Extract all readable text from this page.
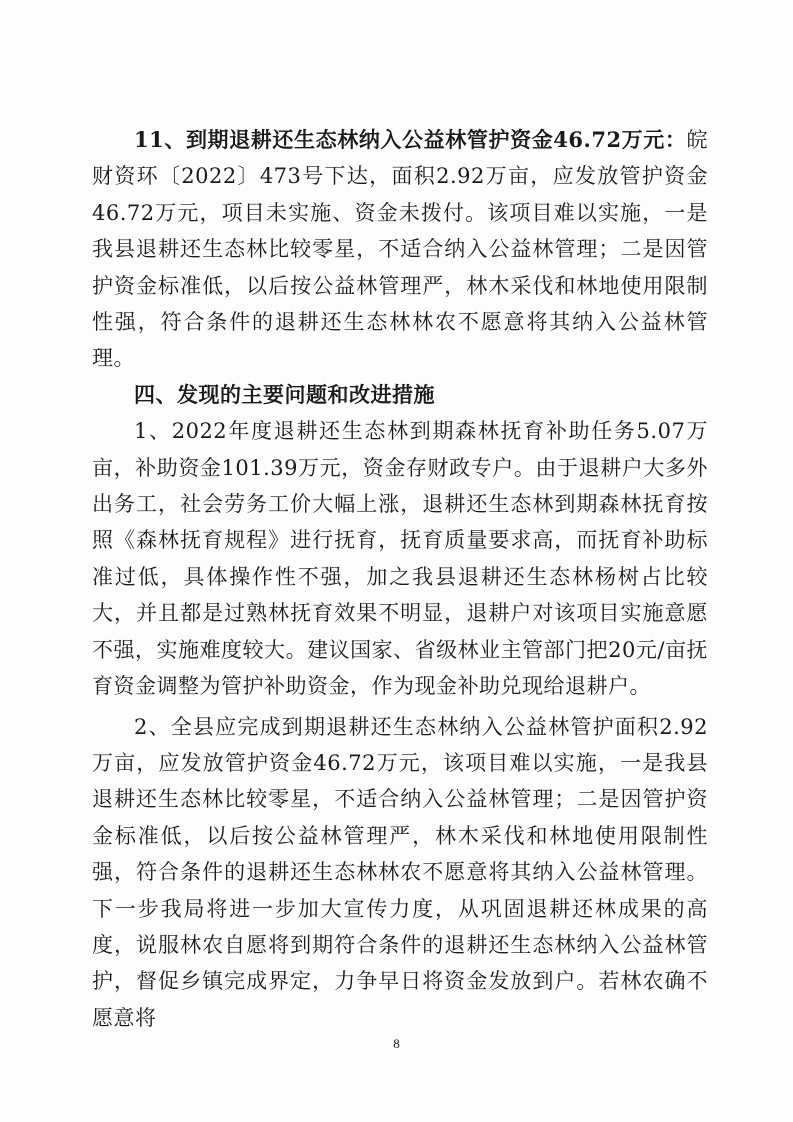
11、到期退耕还生态林纳入公益林管护资金46.72万元：皖财资环〔2022〕473号下达，面积2.92万亩，应发放管护资金46.72万元，项目未实施、资金未拨付。该项目难以实施，一是我县退耕还生态林比较零星，不适合纳入公益林管理；二是因管护资金标准低，以后按公益林管理严，林木采伐和林地使用限制性强，符合条件的退耕还生态林林农不愿意将其纳入公益林管理。

四、发现的主要问题和改进措施

1、2022年度退耕还生态林到期森林抚育补助任务5.07万亩，补助资金101.39万元，资金存财政专户。由于退耕户大多外出务工，社会劳务工价大幅上涨，退耕还生态林到期森林抚育按照《森林抚育规程》进行抚育，抚育质量要求高，而抚育补助标准过低，具体操作性不强，加之我县退耕还生态林杨树占比较大，并且都是过熟林抚育效果不明显，退耕户对该项目实施意愿不强，实施难度较大。建议国家、省级林业主管部门把20元/亩抚育资金调整为管护补助资金，作为现金补助兑现给退耕户。

2、全县应完成到期退耕还生态林纳入公益林管护面积2.92万亩，应发放管护资金46.72万元，该项目难以实施，一是我县退耕还生态林比较零星，不适合纳入公益林管理；二是因管护资金标准低，以后按公益林管理严，林木采伐和林地使用限制性强，符合条件的退耕还生态林林农不愿意将其纳入公益林管理。下一步我局将进一步加大宣传力度，从巩固退耕还林成果的高度，说服林农自愿将到期符合条件的退耕还生态林纳入公益林管护，督促乡镇完成界定，力争早日将资金发放到户。若林农确不愿意将

8
